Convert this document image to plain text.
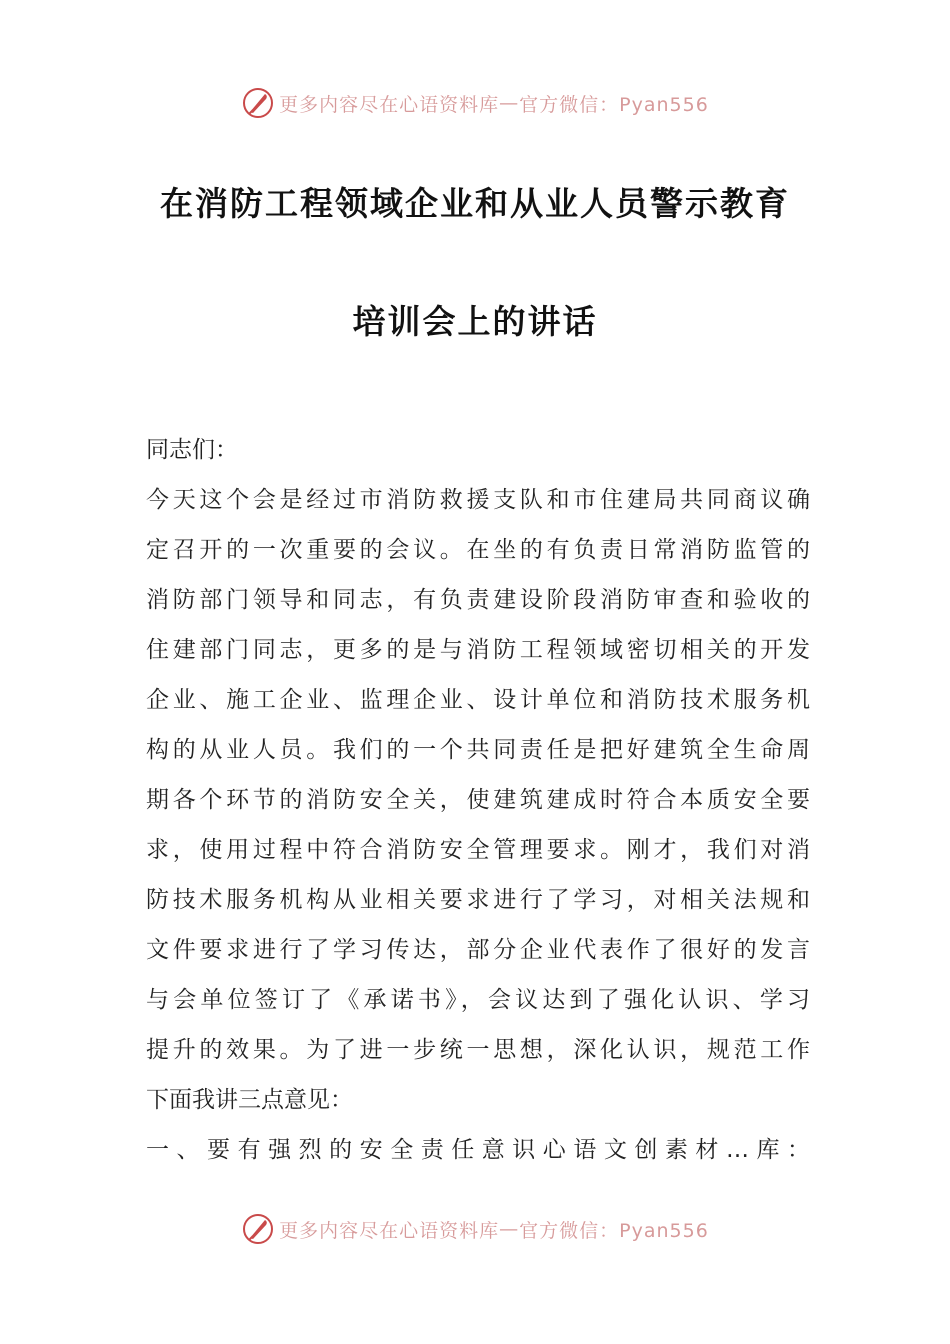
更多内容尽在心语资料库 — 官方微信：Pyan556
在消防工程领域企业和从业人员警示教育
培训会上的讲话
同志们：
今天这个会是经过市消防救援支队和市住建局共同商议确
定召开的一次重要的会议。在坐的有负责日常消防监管的
消防部门领导和同志，有负责建设阶段消防审查和验收的
住建部门同志，更多的是与消防工程领域密切相关的开发
企业、施工企业、监理企业、设计单位和消防技术服务机
构的从业人员。我们的一个共同责任是把好建筑全生命周
期各个环节的消防安全关，使建筑建成时符合本质安全要
求，使用过程中符合消防安全管理要求。刚才，我们对消
防技术服务机构从业相关要求进行了学习，对相关法规和
文件要求进行了学习传达，部分企业代表作了很好的发言
与会单位签订了《承诺书》，会议达到了强化认识、学习
提升的效果。为了进一步统一思想，深化认识，规范工作
下面我讲三点意见：
一、要有强烈的安全责任意识心语文创素材…库：
更多内容尽在心语资料库 — 官方微信：Pyan556
